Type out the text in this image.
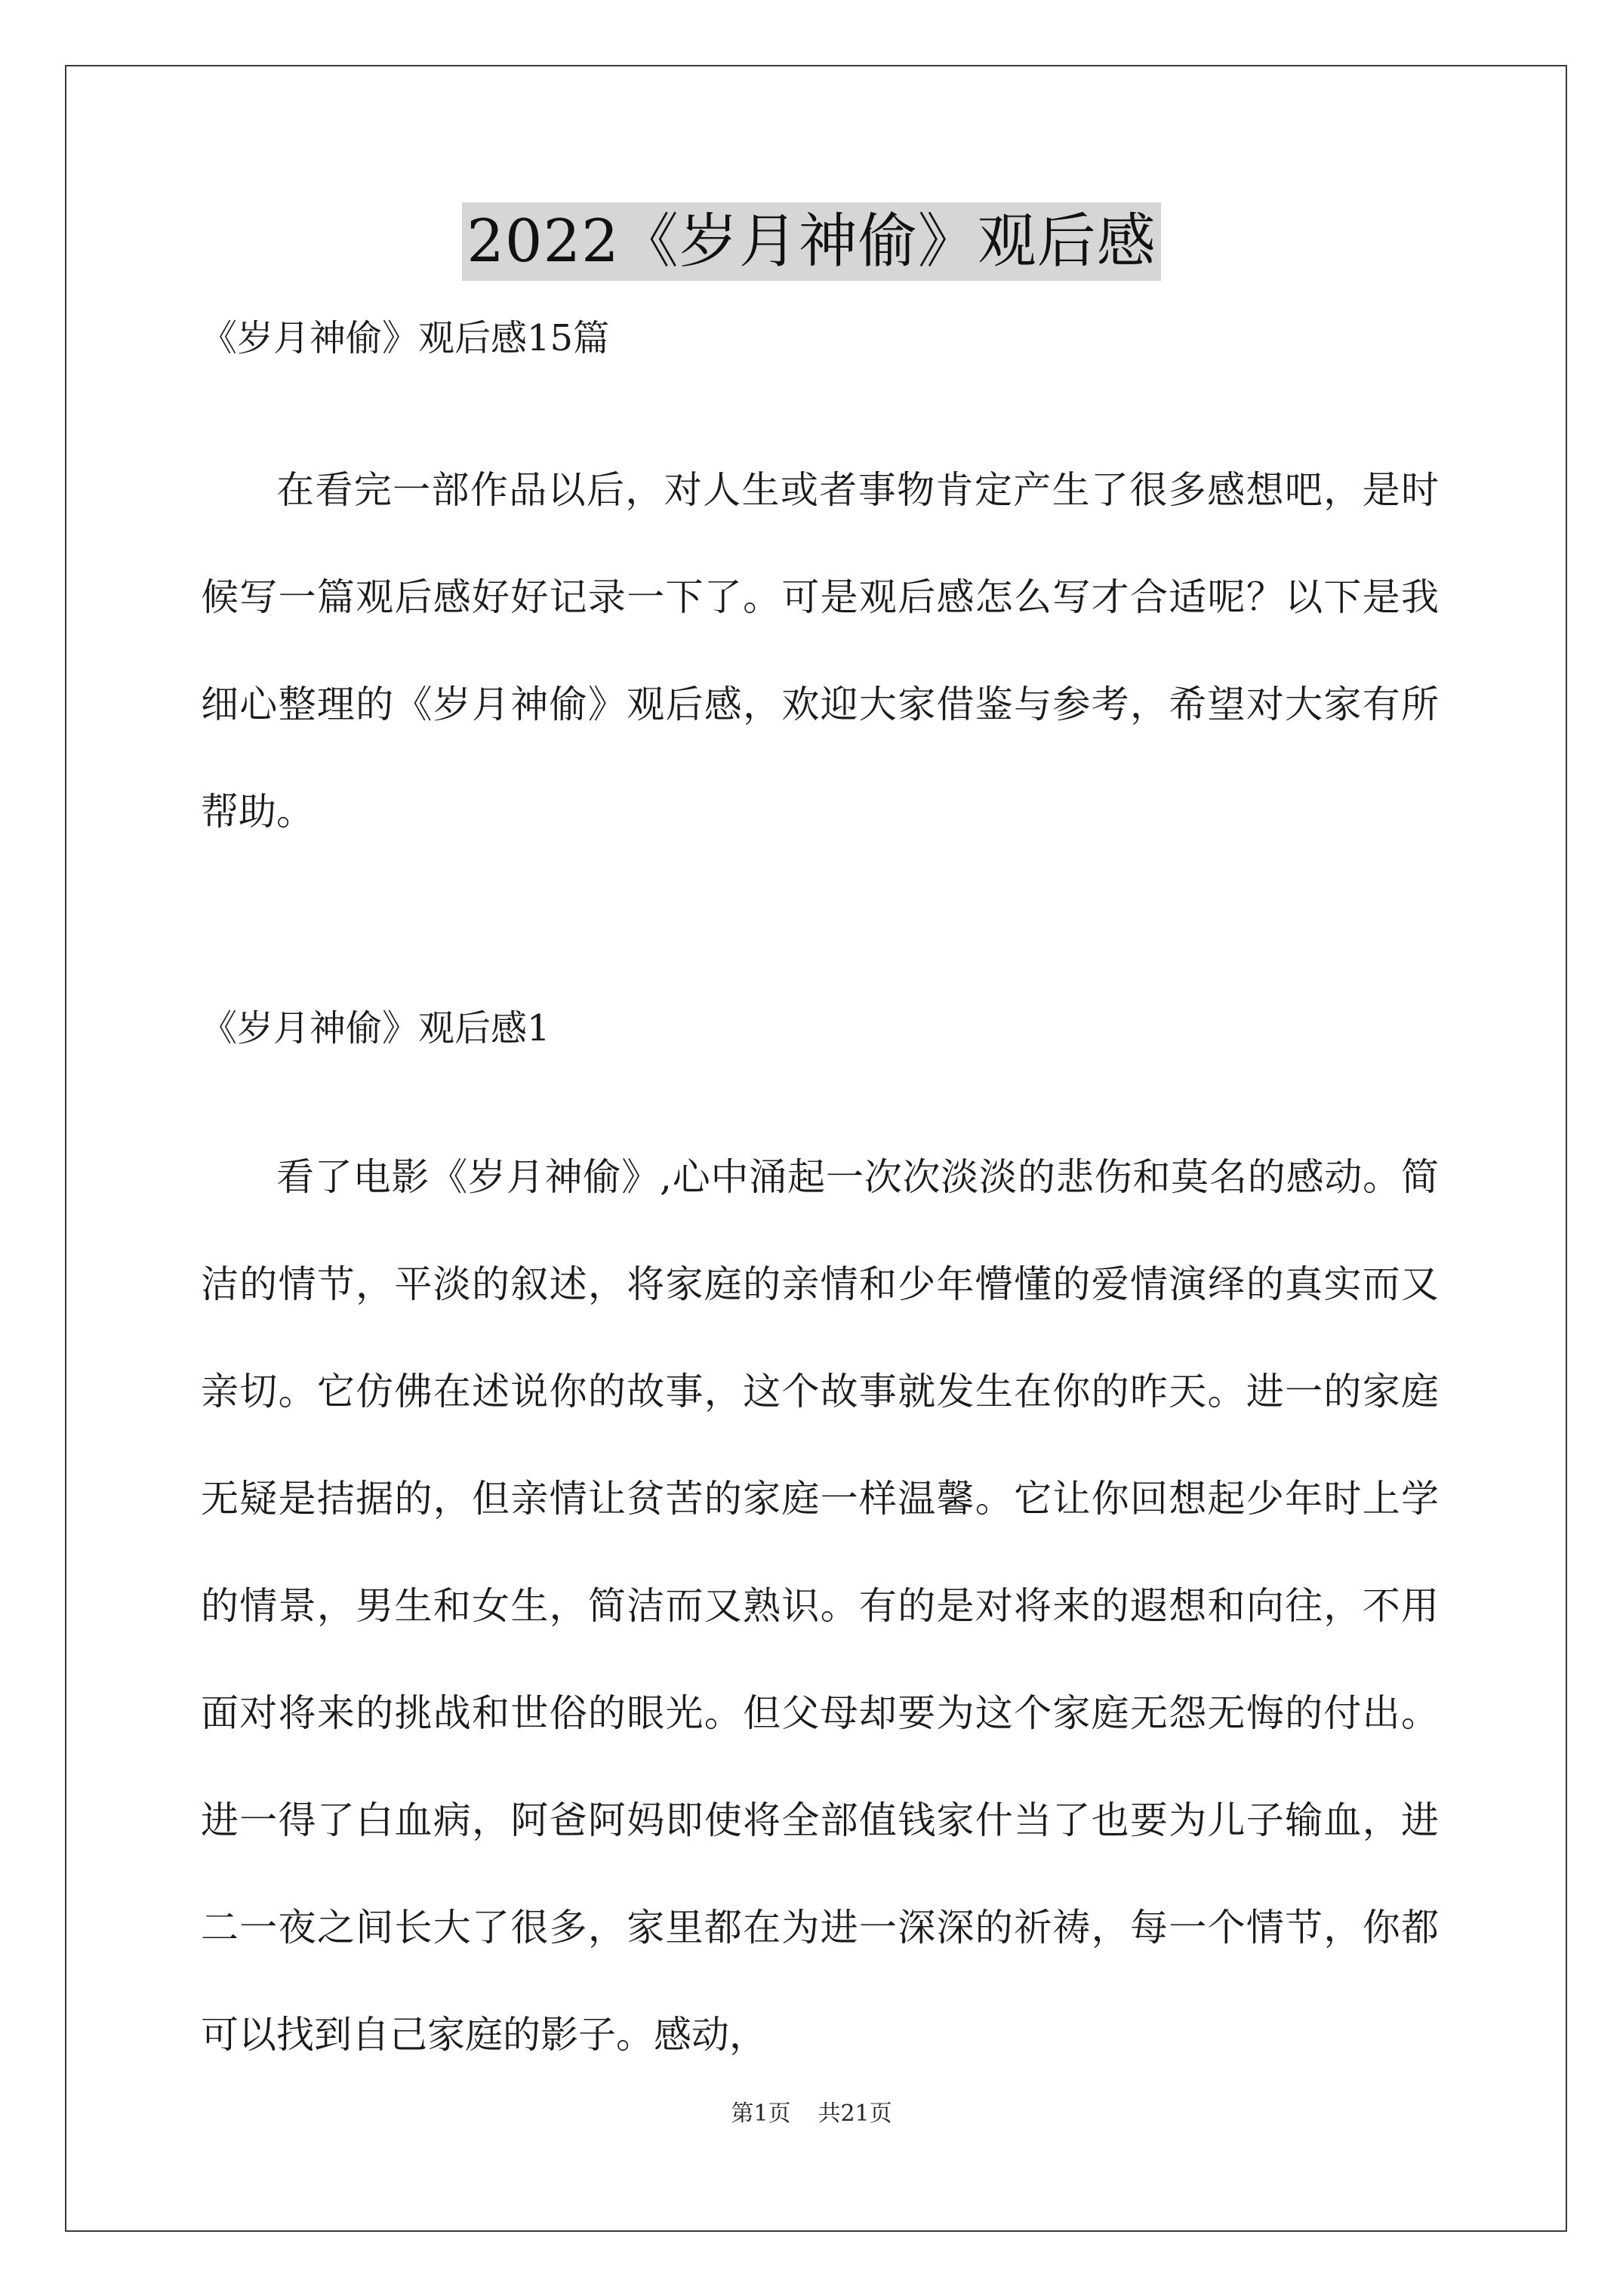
2022《岁月神偷》观后感

《岁月神偷》观后感15篇

在看完一部作品以后，对人生或者事物肯定产生了很多感想吧，是时候写一篇观后感好好记录一下了。可是观后感怎么写才合适呢？以下是我细心整理的《岁月神偷》观后感，欢迎大家借鉴与参考，希望对大家有所帮助。

《岁月神偷》观后感1

看了电影《岁月神偷》,心中涌起一次次淡淡的悲伤和莫名的感动。简洁的情节，平淡的叙述，将家庭的亲情和少年懵懂的爱情演绎的真实而又亲切。它仿佛在述说你的故事，这个故事就发生在你的昨天。进一的家庭无疑是拮据的，但亲情让贫苦的家庭一样温馨。它让你回想起少年时上学的情景，男生和女生，简洁而又熟识。有的是对将来的遐想和向往，不用面对将来的挑战和世俗的眼光。但父母却要为这个家庭无怨无悔的付出。进一得了白血病，阿爸阿妈即使将全部值钱家什当了也要为儿子输血，进二一夜之间长大了很多，家里都在为进一深深的祈祷，每一个情节，你都可以找到自己家庭的影子。感动，

第1页 共21页
